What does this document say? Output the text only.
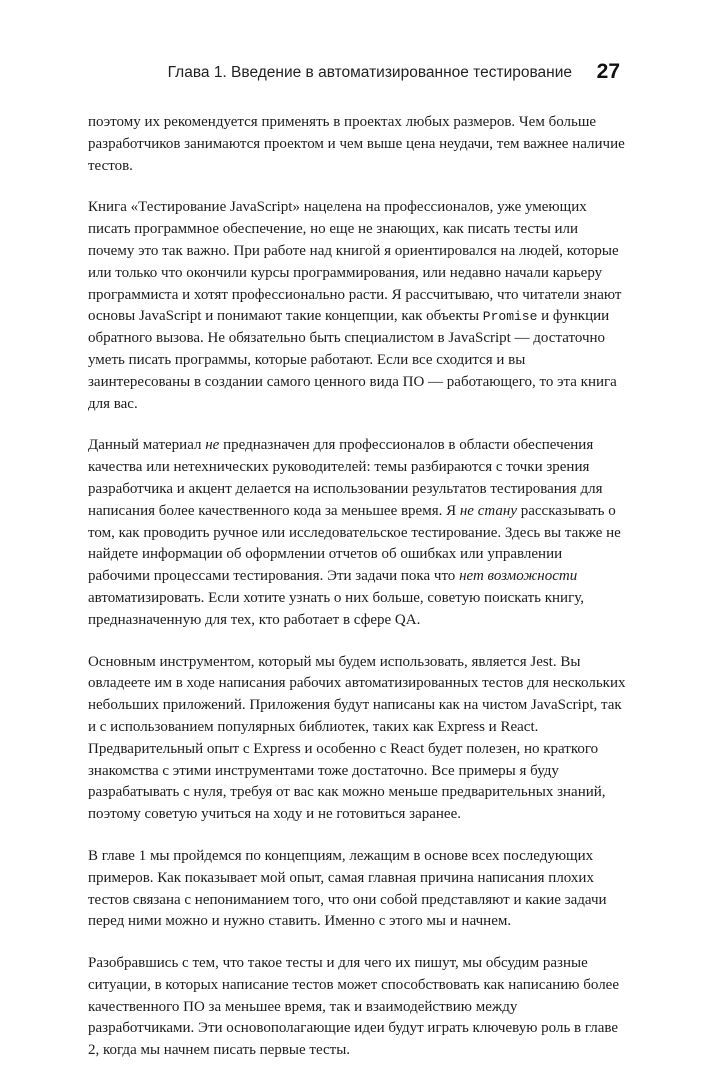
Глава 1. Введение в автоматизированное тестирование 27

поэтому их рекомендуется применять в проектах любых размеров. Чем больше разработчиков занимаются проектом и чем выше цена неудачи, тем важнее наличие тестов.

Книга «Тестирование JavaScript» нацелена на профессионалов, уже умеющих писать программное обеспечение, но еще не знающих, как писать тесты или почему это так важно. При работе над книгой я ориентировался на людей, которые или только что окончили курсы программирования, или недавно начали карьеру программиста и хотят профессионально расти. Я рассчитываю, что читатели знают основы JavaScript и понимают такие концепции, как объекты Promise и функции обратного вызова. Не обязательно быть специалистом в JavaScript — достаточно уметь писать программы, которые работают. Если все сходится и вы заинтересованы в создании самого ценного вида ПО — работающего, то эта книга для вас.

Данный материал не предназначен для профессионалов в области обеспечения качества или нетехнических руководителей: темы разбираются с точки зрения разработчика и акцент делается на использовании результатов тестирования для написания более качественного кода за меньшее время. Я не стану рассказывать о том, как проводить ручное или исследовательское тестирование. Здесь вы также не найдете информации об оформлении отчетов об ошибках или управлении рабочими процессами тестирования. Эти задачи пока что нет возможности автоматизировать. Если хотите узнать о них больше, советую поискать книгу, предназначенную для тех, кто работает в сфере QA.

Основным инструментом, который мы будем использовать, является Jest. Вы овладеете им в ходе написания рабочих автоматизированных тестов для нескольких небольших приложений. Приложения будут написаны как на чистом JavaScript, так и с использованием популярных библиотек, таких как Express и React. Предварительный опыт с Express и особенно с React будет полезен, но краткого знакомства с этими инструментами тоже достаточно. Все примеры я буду разрабатывать с нуля, требуя от вас как можно меньше предварительных знаний, поэтому советую учиться на ходу и не готовиться заранее.

В главе 1 мы пройдемся по концепциям, лежащим в основе всех последующих примеров. Как показывает мой опыт, самая главная причина написания плохих тестов связана с непониманием того, что они собой представляют и какие задачи перед ними можно и нужно ставить. Именно с этого мы и начнем.

Разобравшись с тем, что такое тесты и для чего их пишут, мы обсудим разные ситуации, в которых написание тестов может способствовать как написанию более качественного ПО за меньшее время, так и взаимодействию между разработчиками. Эти основополагающие идеи будут играть ключевую роль в главе 2, когда мы начнем писать первые тесты.
